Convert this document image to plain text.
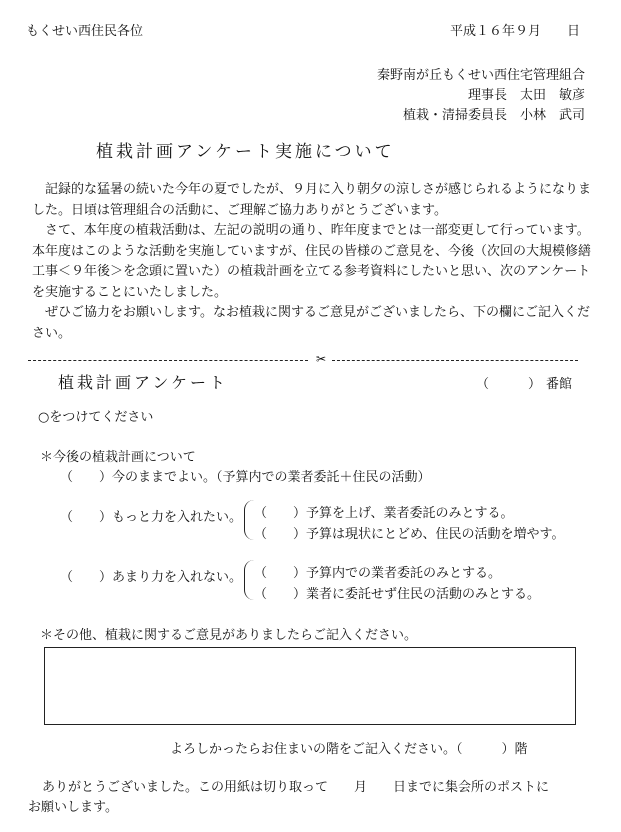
もくせい西住民各位	平成１６年９月　　日
秦野南が丘もくせい西住宅管理組合
理事長　太田　敏彦
植栽・清掃委員長　小林　武司
植栽計画アンケート実施について
記録的な猛暑の続いた今年の夏でしたが、９月に入り朝夕の涼しさが感じられるようになりました。日頃は管理組合の活動に、ご理解ご協力ありがとうございます。
さて、本年度の植栽活動は、左記の説明の通り、昨年度までとは一部変更して行っています。本年度はこのような活動を実施していますが、住民の皆様のご意見を、今後（次回の大規模修繕工事＜９年後＞を念頭に置いた）の植栽計画を立てる参考資料にしたいと思い、次のアンケートを実施することにいたしました。
ぜひご協力をお願いします。なお植栽に関するご意見がございましたら、下の欄にご記入ください。
✂
植栽計画アンケート	（　　　） 番館
○をつけてください
＊今後の植栽計画について
（　　）今のままでよい。（予算内での業者委託＋住民の活動）
（　　）もっと力を入れたい。 （　　）予算を上げ、業者委託のみとする。
（　　）予算は現状にとどめ、住民の活動を増やす。
（　　）あまり力を入れない。 （　　）予算内での業者委託のみとする。
（　　）業者に委託せず住民の活動のみとする。
＊その他、植栽に関するご意見がありましたらご記入ください。
よろしかったらお住まいの階をご記入ください。（　　　）階
ありがとうございました。この用紙は切り取って　　月　　日までに集会所のポストに
お願いします。
